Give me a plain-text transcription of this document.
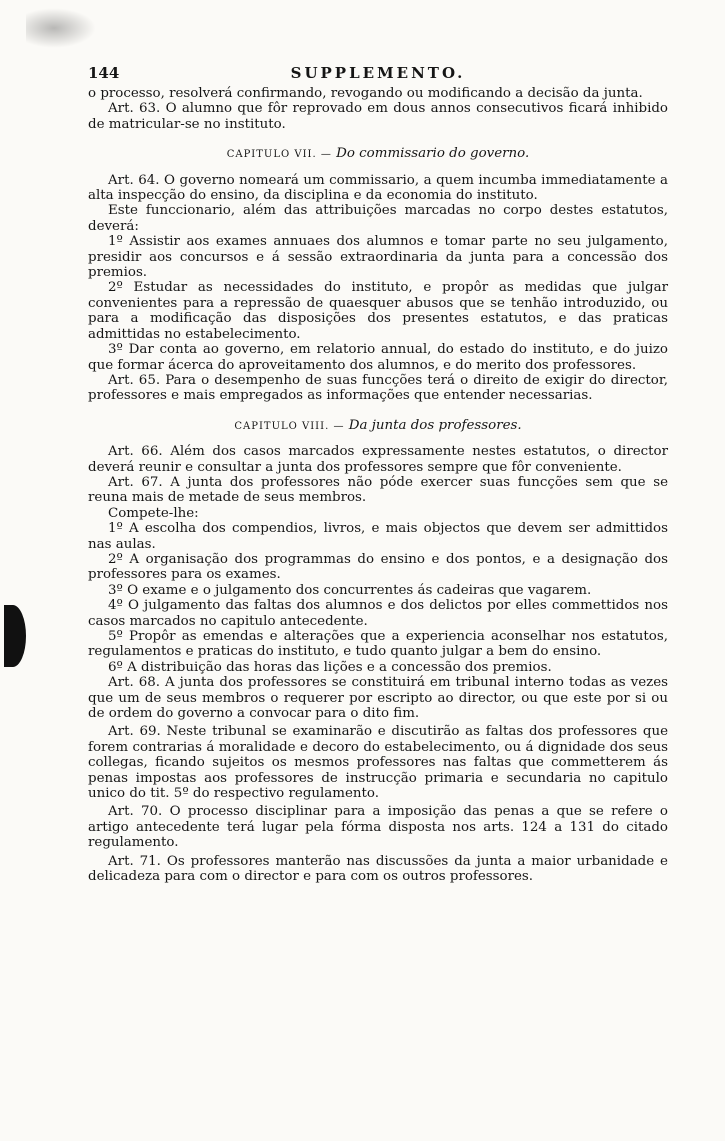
144	SUPPLEMENTO.

o processo, resolverá confirmando, revogando ou modificando a decisão da junta.

Art. 63. O alumno que fôr reprovado em dous annos consecutivos ficará inhibido de matricular-se no instituto.

CAPITULO VII. — Do commissario do governo.

Art. 64. O governo nomeará um commissario, a quem incumba immediatamente a alta inspecção do ensino, da disciplina e da economia do instituto.

Este funccionario, além das attribuições marcadas no corpo destes estatutos, deverá:

1º Assistir aos exames annuaes dos alumnos e tomar parte no seu julgamento, presidir aos concursos e á sessão extraordinaria da junta para a concessão dos premios.

2º Estudar as necessidades do instituto, e propôr as medidas que julgar convenientes para a repressão de quaesquer abusos que se tenhão introduzido, ou para a modificação das disposições dos presentes estatutos, e das praticas admittidas no estabelecimento.

3º Dar conta ao governo, em relatorio annual, do estado do instituto, e do juizo que formar ácerca do aproveitamento dos alumnos, e do merito dos professores.

Art. 65. Para o desempenho de suas funcções terá o direito de exigir do director, professores e mais empregados as informações que entender necessarias.

CAPITULO VIII. — Da junta dos professores.

Art. 66. Além dos casos marcados expressamente nestes estatutos, o director deverá reunir e consultar a junta dos professores sempre que fôr conveniente.

Art. 67. A junta dos professores não póde exercer suas funcções sem que se reuna mais de metade de seus membros.

Compete-lhe:

1º A escolha dos compendios, livros, e mais objectos que devem ser admittidos nas aulas.

2º A organisação dos programmas do ensino e dos pontos, e a designação dos professores para os exames.

3º O exame e o julgamento dos concurrentes ás cadeiras que vagarem.

4º O julgamento das faltas dos alumnos e dos delictos por elles commettidos nos casos marcados no capitulo antecedente.

5º Propôr as emendas e alterações que a experiencia aconselhar nos estatutos, regulamentos e praticas do instituto, e tudo quanto julgar a bem do ensino.

6º A distribuição das horas das lições e a concessão dos premios.

Art. 68. A junta dos professores se constituirá em tribunal interno todas as vezes que um de seus membros o requerer por escripto ao director, ou que este por si ou de ordem do governo a convocar para o dito fim.

Art. 69. Neste tribunal se examinarão e discutirão as faltas dos professores que forem contrarias á moralidade e decoro do estabelecimento, ou á dignidade dos seus collegas, ficando sujeitos os mesmos professores nas faltas que commetterem ás penas impostas aos professores de instrucção primaria e secundaria no capitulo unico do tit. 5º do respectivo regulamento.

Art. 70. O processo disciplinar para a imposição das penas a que se refere o artigo antecedente terá lugar pela fórma disposta nos arts. 124 a 131 do citado regulamento.

Art. 71. Os professores manterão nas discussões da junta a maior urbanidade e delicadeza para com o director e para com os outros professores.
